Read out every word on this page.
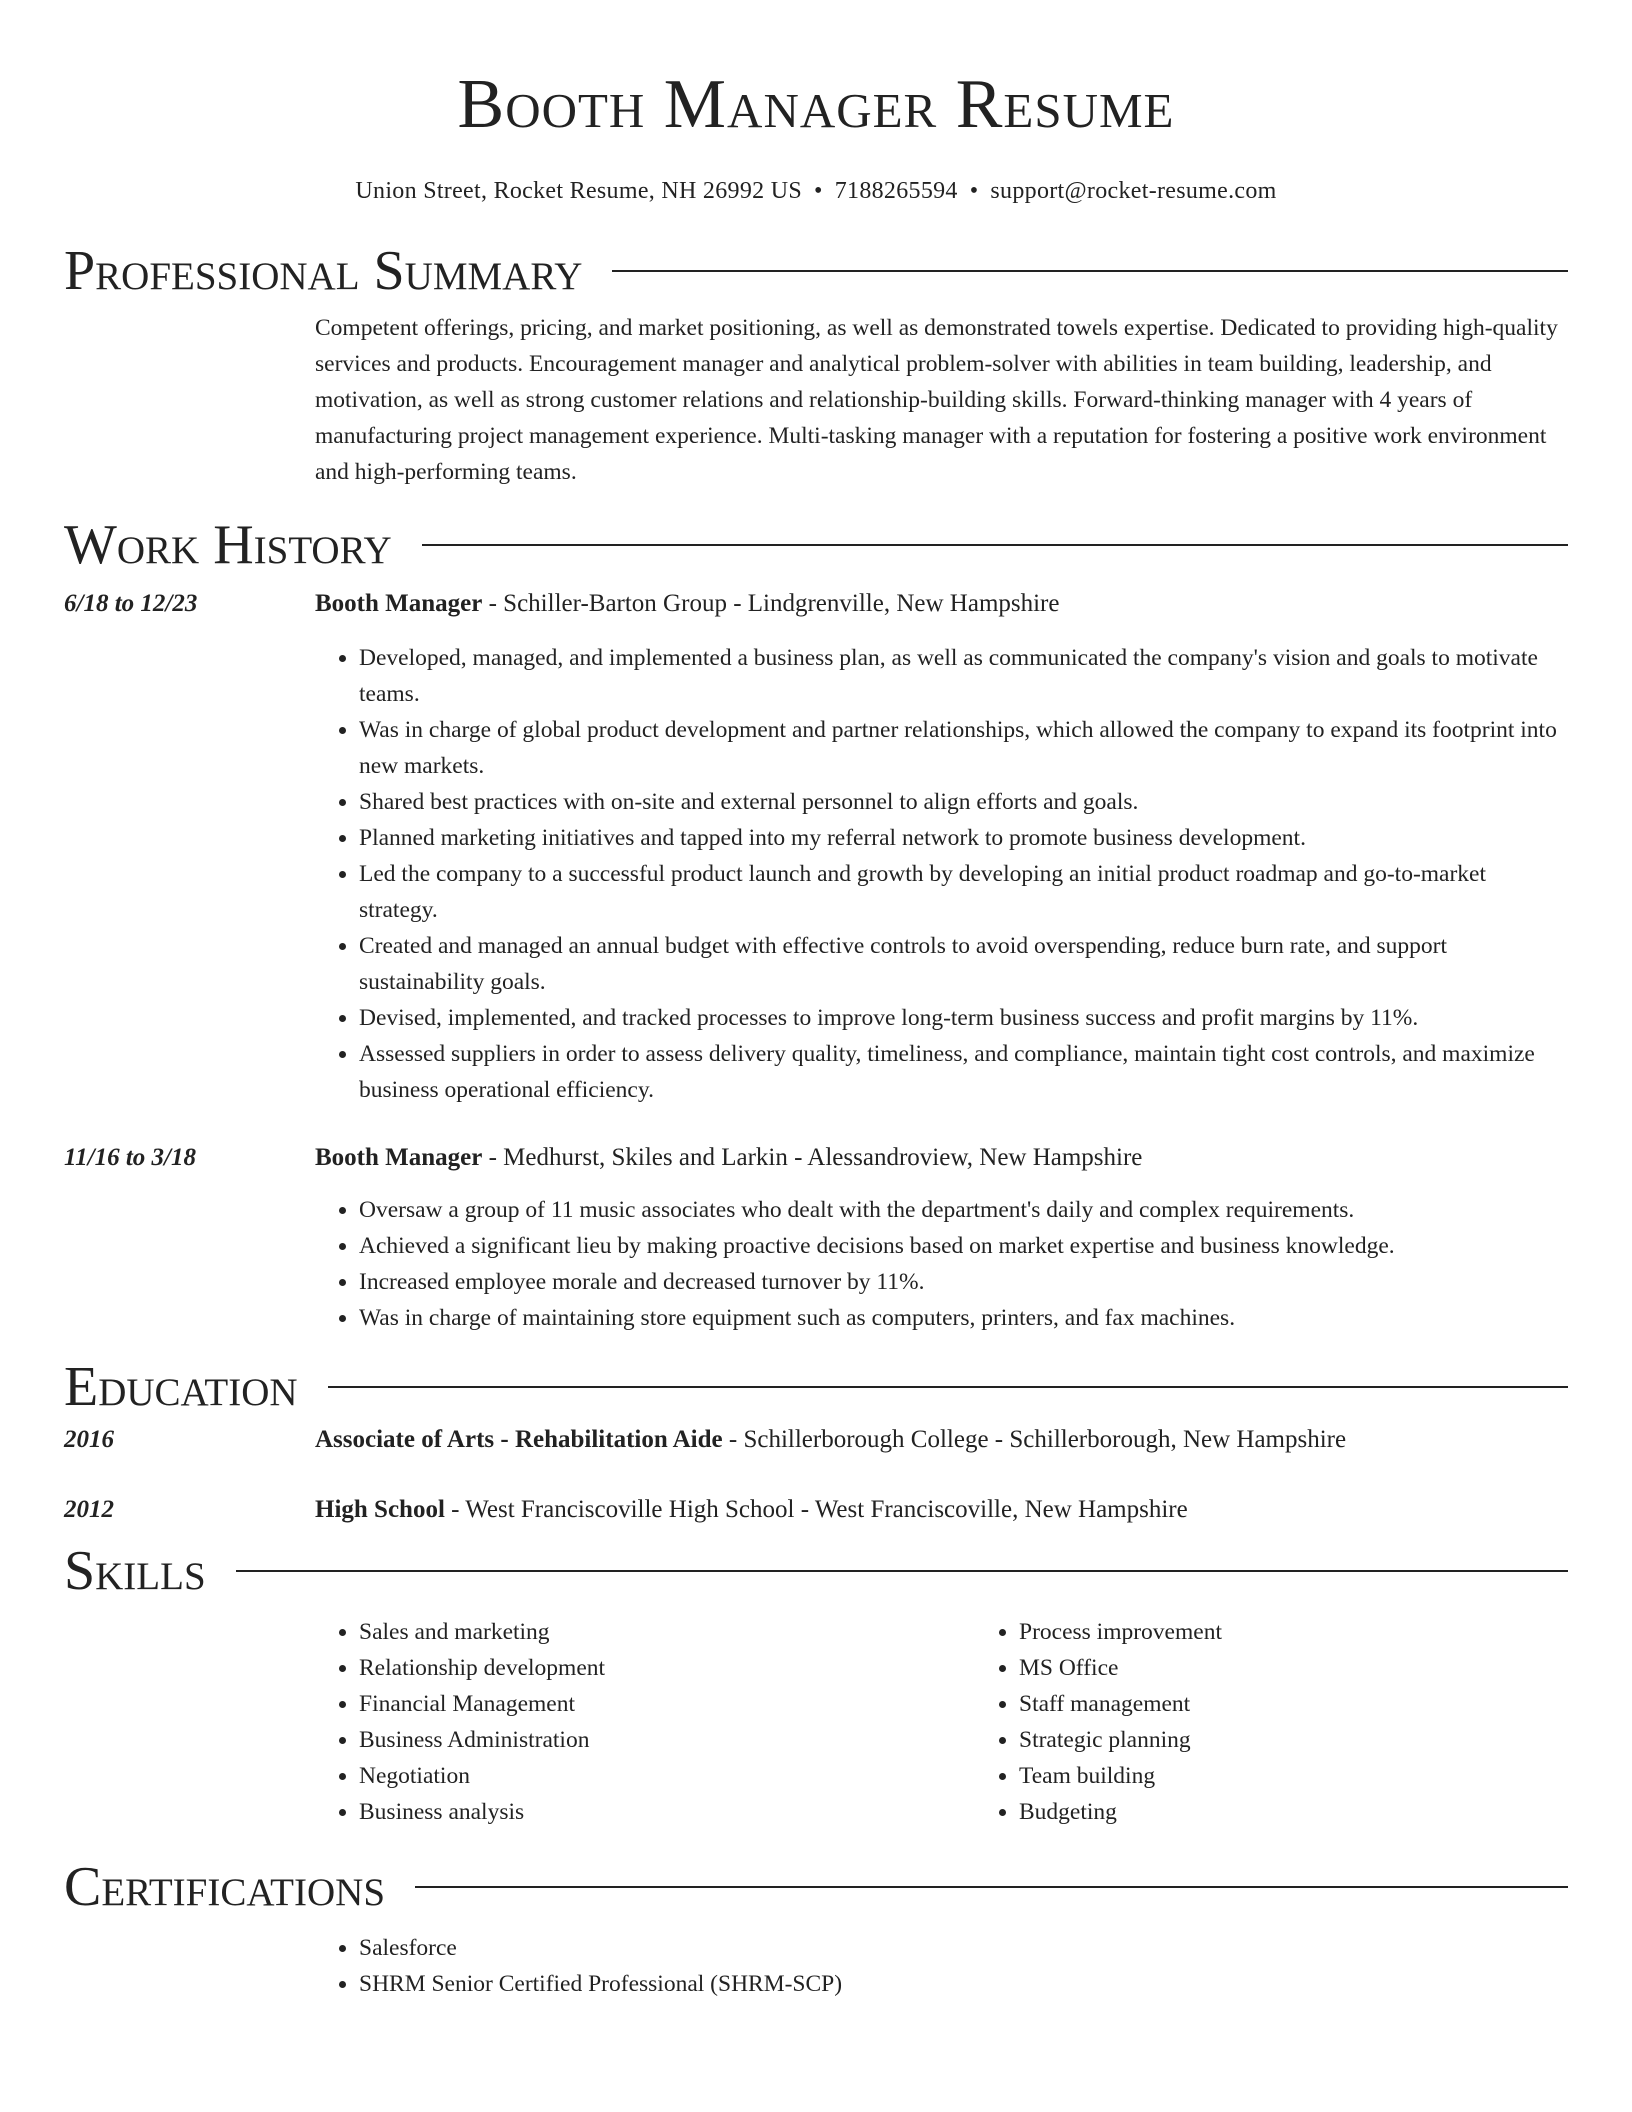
Booth Manager Resume
Union Street, Rocket Resume, NH 26992 US • 7188265594 • support@rocket-resume.com
Professional Summary

Competent offerings, pricing, and market positioning, as well as demonstrated towels expertise. Dedicated to providing high-quality services and products. Encouragement manager and analytical problem-solver with abilities in team building, leadership, and motivation, as well as strong customer relations and relationship-building skills. Forward-thinking manager with 4 years of manufacturing project management experience. Multi-tasking manager with a reputation for fostering a positive work environment and high-performing teams.

Work History
6/18 to 12/23	Booth Manager - Schiller-Barton Group - Lindgrenville, New Hampshire
• Developed, managed, and implemented a business plan, as well as communicated the company's vision and goals to motivate teams.
• Was in charge of global product development and partner relationships, which allowed the company to expand its footprint into new markets.
• Shared best practices with on-site and external personnel to align efforts and goals.
• Planned marketing initiatives and tapped into my referral network to promote business development.
• Led the company to a successful product launch and growth by developing an initial product roadmap and go-to-market strategy.
• Created and managed an annual budget with effective controls to avoid overspending, reduce burn rate, and support sustainability goals.
• Devised, implemented, and tracked processes to improve long-term business success and profit margins by 11%.
• Assessed suppliers in order to assess delivery quality, timeliness, and compliance, maintain tight cost controls, and maximize business operational efficiency.
11/16 to 3/18	Booth Manager - Medhurst, Skiles and Larkin - Alessandroview, New Hampshire
• Oversaw a group of 11 music associates who dealt with the department's daily and complex requirements.
• Achieved a significant lieu by making proactive decisions based on market expertise and business knowledge.
• Increased employee morale and decreased turnover by 11%.
• Was in charge of maintaining store equipment such as computers, printers, and fax machines.
Education
2016	Associate of Arts - Rehabilitation Aide - Schillerborough College - Schillerborough, New Hampshire
2012	High School - West Franciscoville High School - West Franciscoville, New Hampshire
Skills
• Sales and marketing
• Relationship development
• Financial Management
• Business Administration
• Negotiation
• Business analysis
• Process improvement
• MS Office
• Staff management
• Strategic planning
• Team building
• Budgeting
Certifications
• Salesforce
• SHRM Senior Certified Professional (SHRM-SCP)
